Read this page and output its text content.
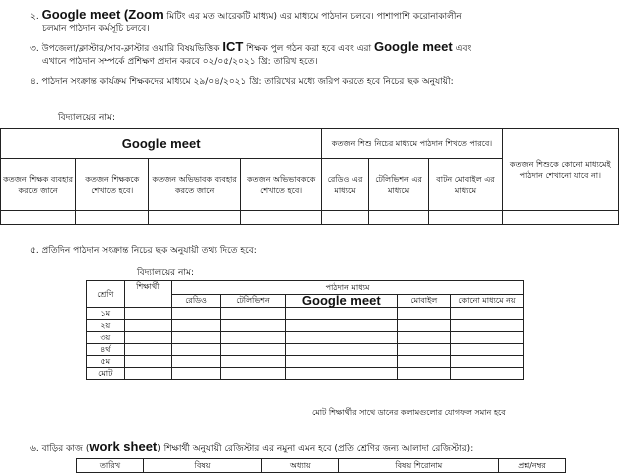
২. Google meet (Zoom মিটিং এর মত আরেকটি মাধ্যম) এর মাধ্যমে পাঠদান চলবে। পাশাপাশি করোনাকালীন
চলমান পাঠদান কর্মসূচি চলবে।
৩. উপজেলা/ক্লাস্টার/সাব-ক্লাস্টার ওয়ারি বিষয়ভিত্তিক ICT শিক্ষক পুল গঠন করা হবে এবং এরা Google meet এবং
এখানে পাঠদান সম্পর্কে প্রশিক্ষণ প্রদান করবে ০২/০৫/২০২১ খ্রি: তারিখ হতে।
৪. পাঠদান সংক্রান্ত কার্যক্রম শিক্ষকদের মাধ্যমে ২৯/০৪/২০২১ খ্রি: তারিখের মধ্যে জরিপ করতে হবে নিচের ছক অনুযায়ী:
বিদ্যালয়ের নাম:
Google meet				কতজন শিশু নিচের মাধ্যমে পাঠদান শিখতে পারবে।			কতজন শিশুকে কোনো মাধ্যমেই পাঠদান শেখানো যাবে না।
কতজন শিক্ষক ব্যবহার করতে জানে	কতজন শিক্ষককে শেখাতে হবে।	কতজন অভিভাবক ব্যবহার করতে জানে	কতজন অভিভাবককে শেখাতে হবে।	রেডিও এর মাধ্যমে	টেলিভিশন এর মাধ্যমে	বাটন মোবাইল এর মাধ্যমে	

৫. প্রতিদিন পাঠদান সংক্রান্ত নিচের ছক অনুযায়ী তথ্য দিতে হবে:
বিদ্যালয়ের নাম:
শ্রেণি	শিক্ষার্থী	পাঠদান মাধ্যম				
		রেডিও	টেলিভিশন	Google meet	মোবাইল	কোনো মাধ্যমে নয়
১ম						
২য়						
৩য়						
৪র্থ						
৫ম						
মোট						
মোট শিক্ষার্থীর সাথে ডানের কলামগুলোর যোগফল সমান হবে
৬. বাড়ির কাজ (work sheet) শিক্ষার্থী অনুযায়ী রেজিস্টার এর নমুনা এমন হবে (প্রতি শ্রেণির জন্য আলাদা রেজিস্টার):
তারিখ	বিষয়	অধ্যায়	বিষয় শিরোনাম	প্রশ্ন/নম্বর
